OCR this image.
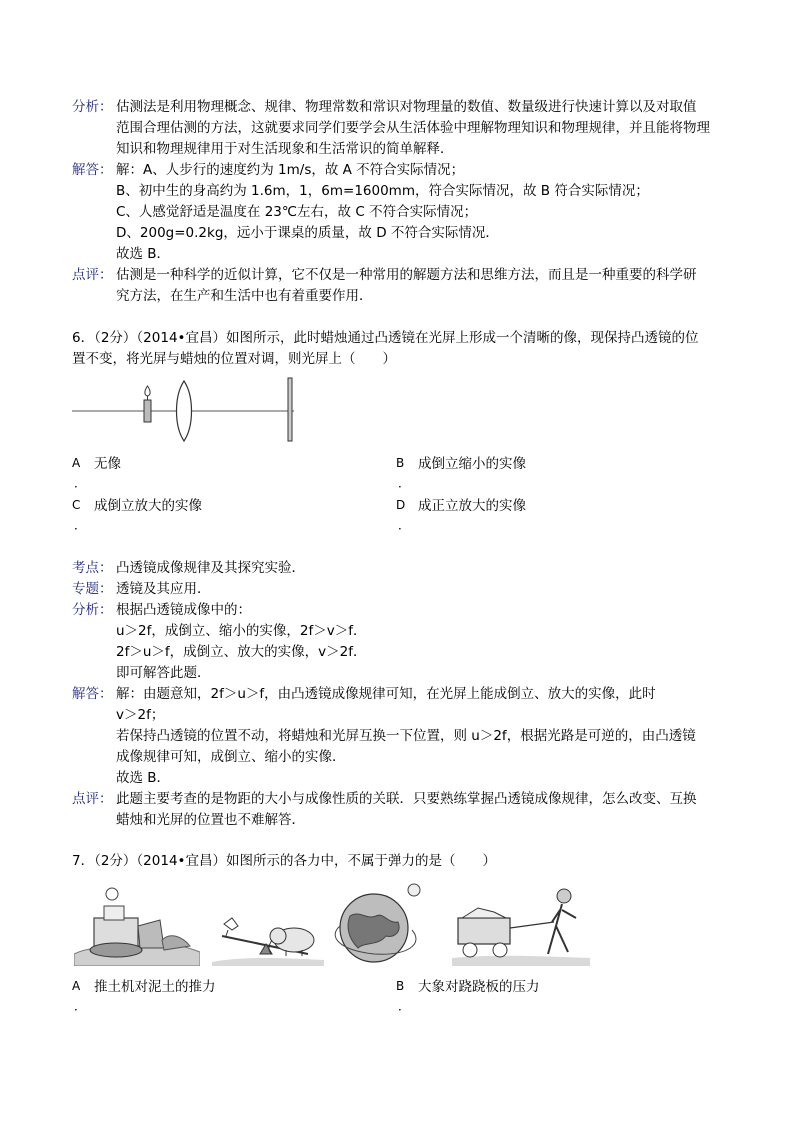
分析： 估测法是利用物理概念、规律、物理常数和常识对物理量的数值、数量级进行快速计算以及对取值
范围合理估测的方法，这就要求同学们要学会从生活体验中理解物理知识和物理规律，并且能将物理
知识和物理规律用于对生活现象和生活常识的简单解释．
解答： 解：A、人步行的速度约为 1m/s，故 A 不符合实际情况；
B、初中生的身高约为 1.6m，1，6m=1600mm，符合实际情况，故 B 符合实际情况；
C、人感觉舒适是温度在 23℃左右，故 C 不符合实际情况；
D、200g=0.2kg，远小于课桌的质量，故 D 不符合实际情况．
故选 B．
点评： 估测是一种科学的近似计算，它不仅是一种常用的解题方法和思维方法，而且是一种重要的科学研
究方法，在生产和生活中也有着重要作用．
6．（2分）（2014•宜昌）如图所示，此时蜡烛通过凸透镜在光屏上形成一个清晰的像，现保持凸透镜的位
置不变，将光屏与蜡烛的位置对调，则光屏上（　　）
A
．
无像	B
．
成倒立缩小的实像
C
．
成倒立放大的实像	D
．
成正立放大的实像
考点： 凸透镜成像规律及其探究实验．
专题： 透镜及其应用．
分析： 根据凸透镜成像中的：
u＞2f，成倒立、缩小的实像，2f＞v＞f．
2f＞u＞f，成倒立、放大的实像，v＞2f．
即可解答此题．
解答： 解：由题意知，2f＞u＞f，由凸透镜成像规律可知，在光屏上能成倒立、放大的实像，此时
v＞2f；
若保持凸透镜的位置不动，将蜡烛和光屏互换一下位置，则 u＞2f，根据光路是可逆的，由凸透镜
成像规律可知，成倒立、缩小的实像．
故选 B．
点评： 此题主要考查的是物距的大小与成像性质的关联．只要熟练掌握凸透镜成像规律，怎么改变、互换
蜡烛和光屏的位置也不难解答．
7．（2分）（2014•宜昌）如图所示的各力中，不属于弹力的是（　　）
A
．
推土机对泥土的推力	B
．
大象对跷跷板的压力
